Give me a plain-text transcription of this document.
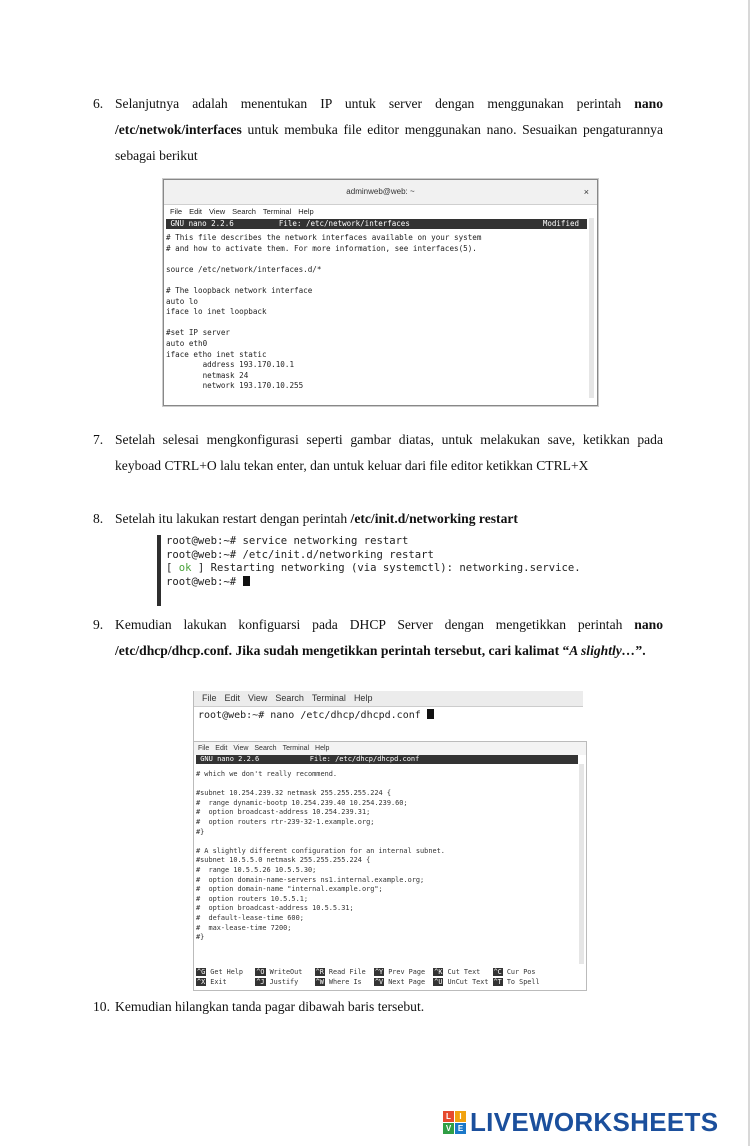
6. Selanjutnya adalah menentukan IP untuk server dengan menggunakan perintah nano /etc/netwok/interfaces untuk membuka file editor menggunakan nano. Sesuaikan pengaturannya sebagai berikut
adminweb@web: ~	×
File Edit View Search Terminal Help
GNU nano 2.2.6          File: /etc/network/interfaces	Modified
# This file describes the network interfaces available on your system
# and how to activate them. For more information, see interfaces(5).

source /etc/network/interfaces.d/*

# The loopback network interface
auto lo
iface lo inet loopback

#set IP server
auto eth0
iface etho inet static
address 193.170.10.1
netmask 24
network 193.170.10.255
7. Setelah selesai mengkonfigurasi seperti gambar diatas, untuk melakukan save, ketikkan pada keyboad CTRL+O lalu tekan enter, dan untuk keluar dari file editor ketikkan CTRL+X
8. Setelah itu lakukan restart dengan perintah /etc/init.d/networking restart
root@web:~# service networking restart
root@web:~# /etc/init.d/networking restart
[ ok ] Restarting networking (via systemctl): networking.service.
root@web:~#
9. Kemudian lakukan konfiguarsi pada DHCP Server dengan mengetikkan perintah nano /etc/dhcp/dhcp.conf. Jika sudah mengetikkan perintah tersebut, cari kalimat “A slightly…”.
File Edit View Search Terminal Help
root@web:~# nano /etc/dhcp/dhcpd.conf
File Edit View Search Terminal Help
GNU nano 2.2.6            File: /etc/dhcp/dhcpd.conf
# which we don't really recommend.

#subnet 10.254.239.32 netmask 255.255.255.224 {
#  range dynamic-bootp 10.254.239.40 10.254.239.60;
#  option broadcast-address 10.254.239.31;
#  option routers rtr-239-32-1.example.org;
#}

# A slightly different configuration for an internal subnet.
#subnet 10.5.5.0 netmask 255.255.255.224 {
#  range 10.5.5.26 10.5.5.30;
#  option domain-name-servers ns1.internal.example.org;
#  option domain-name "internal.example.org";
#  option routers 10.5.5.1;
#  option broadcast-address 10.5.5.31;
#  default-lease-time 600;
#  max-lease-time 7200;
#}
^G Get Help ^O WriteOut ^R Read File ^Y Prev Page ^K Cut Text ^C Cur Pos
^X Exit	^J Justify	^W Where Is ^V Next Page ^U UnCut Text ^T To Spell
10. Kemudian hilangkan tanda pagar dibawah baris tersebut.
L	I
V E LIVEWORKSHEETS
